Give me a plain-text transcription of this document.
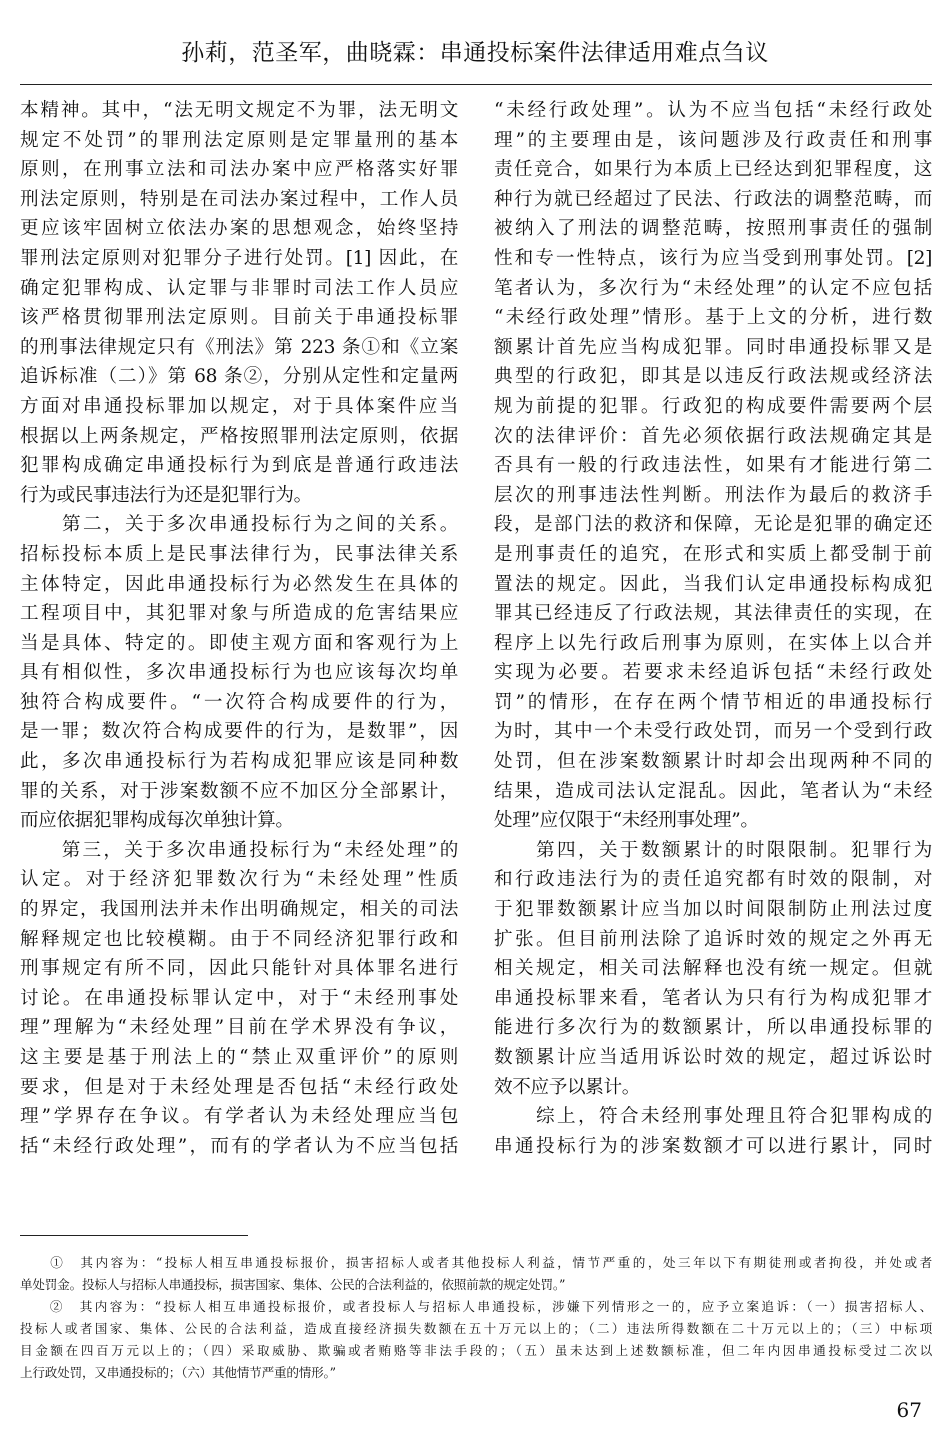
孙莉，范圣军，曲晓霖：串通投标案件法律适用难点刍议
本精神。其中，“法无明文规定不为罪，法无明文
规定不处罚”的罪刑法定原则是定罪量刑的基本
原则，在刑事立法和司法办案中应严格落实好罪
刑法定原则，特别是在司法办案过程中，工作人员
更应该牢固树立依法办案的思想观念，始终坚持
罪刑法定原则对犯罪分子进行处罚。[1] 因此，在
确定犯罪构成、认定罪与非罪时司法工作人员应
该严格贯彻罪刑法定原则。目前关于串通投标罪
的刑事法律规定只有《刑法》第 223 条①和《立案
追诉标准（二）》第 68 条②，分别从定性和定量两
方面对串通投标罪加以规定，对于具体案件应当
根据以上两条规定，严格按照罪刑法定原则，依据
犯罪构成确定串通投标行为到底是普通行政违法
行为或民事违法行为还是犯罪行为。
　　第二，关于多次串通投标行为之间的关系。
招标投标本质上是民事法律行为，民事法律关系
主体特定，因此串通投标行为必然发生在具体的
工程项目中，其犯罪对象与所造成的危害结果应
当是具体、特定的。即使主观方面和客观行为上
具有相似性，多次串通投标行为也应该每次均单
独符合构成要件。“一次符合构成要件的行为，
是一罪；数次符合构成要件的行为，是数罪”，因
此，多次串通投标行为若构成犯罪应该是同种数
罪的关系，对于涉案数额不应不加区分全部累计，
而应依据犯罪构成每次单独计算。
　　第三，关于多次串通投标行为“未经处理”的
认定。对于经济犯罪数次行为“未经处理”性质
的界定，我国刑法并未作出明确规定，相关的司法
解释规定也比较模糊。由于不同经济犯罪行政和
刑事规定有所不同，因此只能针对具体罪名进行
讨论。在串通投标罪认定中，对于“未经刑事处
理”理解为“未经处理”目前在学术界没有争议，
这主要是基于刑法上的“禁止双重评价”的原则
要求，但是对于未经处理是否包括“未经行政处
理”学界存在争议。有学者认为未经处理应当包
括“未经行政处理”，而有的学者认为不应当包括
“未经行政处理”。认为不应当包括“未经行政处
理”的主要理由是，该问题涉及行政责任和刑事
责任竞合，如果行为本质上已经达到犯罪程度，这
种行为就已经超过了民法、行政法的调整范畴，而
被纳入了刑法的调整范畴，按照刑事责任的强制
性和专一性特点，该行为应当受到刑事处罚。[2]
笔者认为，多次行为“未经处理”的认定不应包括
“未经行政处理”情形。基于上文的分析，进行数
额累计首先应当构成犯罪。同时串通投标罪又是
典型的行政犯，即其是以违反行政法规或经济法
规为前提的犯罪。行政犯的构成要件需要两个层
次的法律评价：首先必须依据行政法规确定其是
否具有一般的行政违法性，如果有才能进行第二
层次的刑事违法性判断。刑法作为最后的救济手
段，是部门法的救济和保障，无论是犯罪的确定还
是刑事责任的追究，在形式和实质上都受制于前
置法的规定。因此，当我们认定串通投标构成犯
罪其已经违反了行政法规，其法律责任的实现，在
程序上以先行政后刑事为原则，在实体上以合并
实现为必要。若要求未经追诉包括“未经行政处
罚”的情形，在存在两个情节相近的串通投标行
为时，其中一个未受行政处罚，而另一个受到行政
处罚，但在涉案数额累计时却会出现两种不同的
结果，造成司法认定混乱。因此，笔者认为“未经
处理”应仅限于“未经刑事处理”。
　　第四，关于数额累计的时限限制。犯罪行为
和行政违法行为的责任追究都有时效的限制，对
于犯罪数额累计应当加以时间限制防止刑法过度
扩张。但目前刑法除了追诉时效的规定之外再无
相关规定，相关司法解释也没有统一规定。但就
串通投标罪来看，笔者认为只有行为构成犯罪才
能进行多次行为的数额累计，所以串通投标罪的
数额累计应当适用诉讼时效的规定，超过诉讼时
效不应予以累计。
　　综上，符合未经刑事处理且符合犯罪构成的
串通投标行为的涉案数额才可以进行累计，同时
　　①　其内容为：“投标人相互串通投标报价，损害招标人或者其他投标人利益，情节严重的，处三年以下有期徒刑或者拘役，并处或者
单处罚金。投标人与招标人串通投标，损害国家、集体、公民的合法利益的，依照前款的规定处罚。”
　　②　其内容为：“投标人相互串通投标报价，或者投标人与招标人串通投标，涉嫌下列情形之一的，应予立案追诉：（一）损害招标人、
投标人或者国家、集体、公民的合法利益，造成直接经济损失数额在五十万元以上的；（二）违法所得数额在二十万元以上的；（三）中标项
目金额在四百万元以上的；（四）采取威胁、欺骗或者贿赂等非法手段的；（五）虽未达到上述数额标准，但二年内因串通投标受过二次以
上行政处罚，又串通投标的；（六）其他情节严重的情形。”
67
